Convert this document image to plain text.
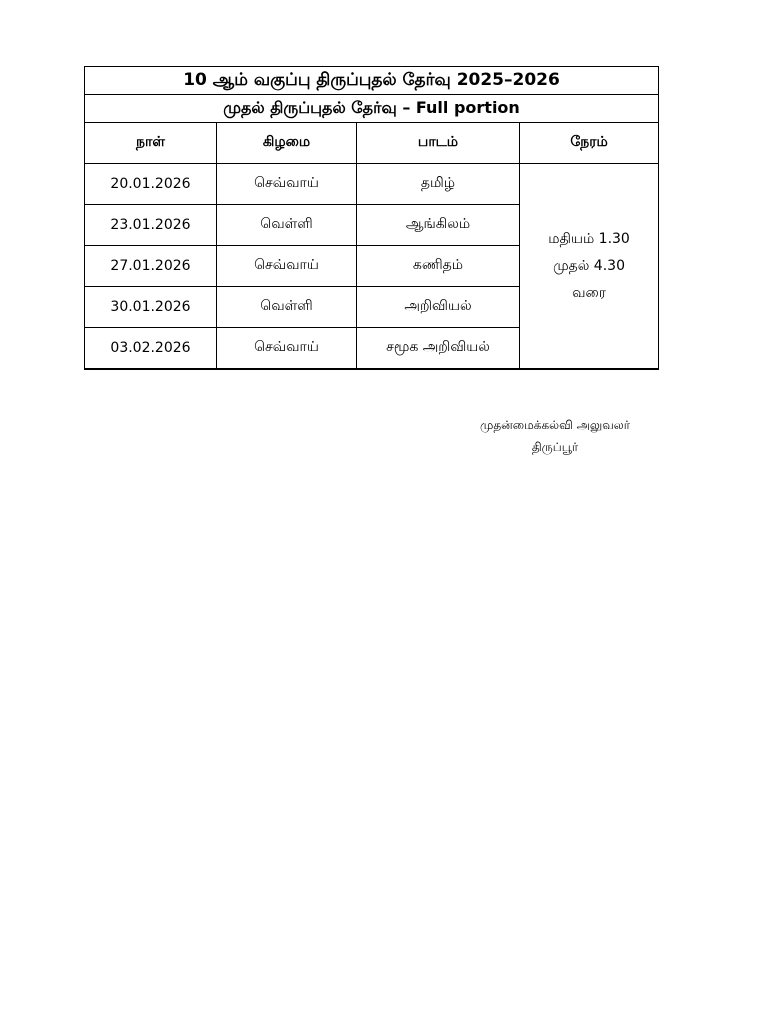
10 ஆம் வகுப்பு திருப்புதல் தேர்வு 2025–2026			
முதல் திருப்புதல் தேர்வு – Full portion			
நாள்	கிழமை	பாடம்	நேரம்
20.01.2026	செவ்வாய்	தமிழ்	மதியம் 1.30
முதல் 4.30
வரை

23.01.2026	வெள்ளி	ஆங்கிலம்	
27.01.2026	செவ்வாய்	கணிதம்	
30.01.2026	வெள்ளி	அறிவியல்	
03.02.2026	செவ்வாய்	சமூக அறிவியல்	
முதன்மைக்கல்வி அலுவலர்
திருப்பூர்
